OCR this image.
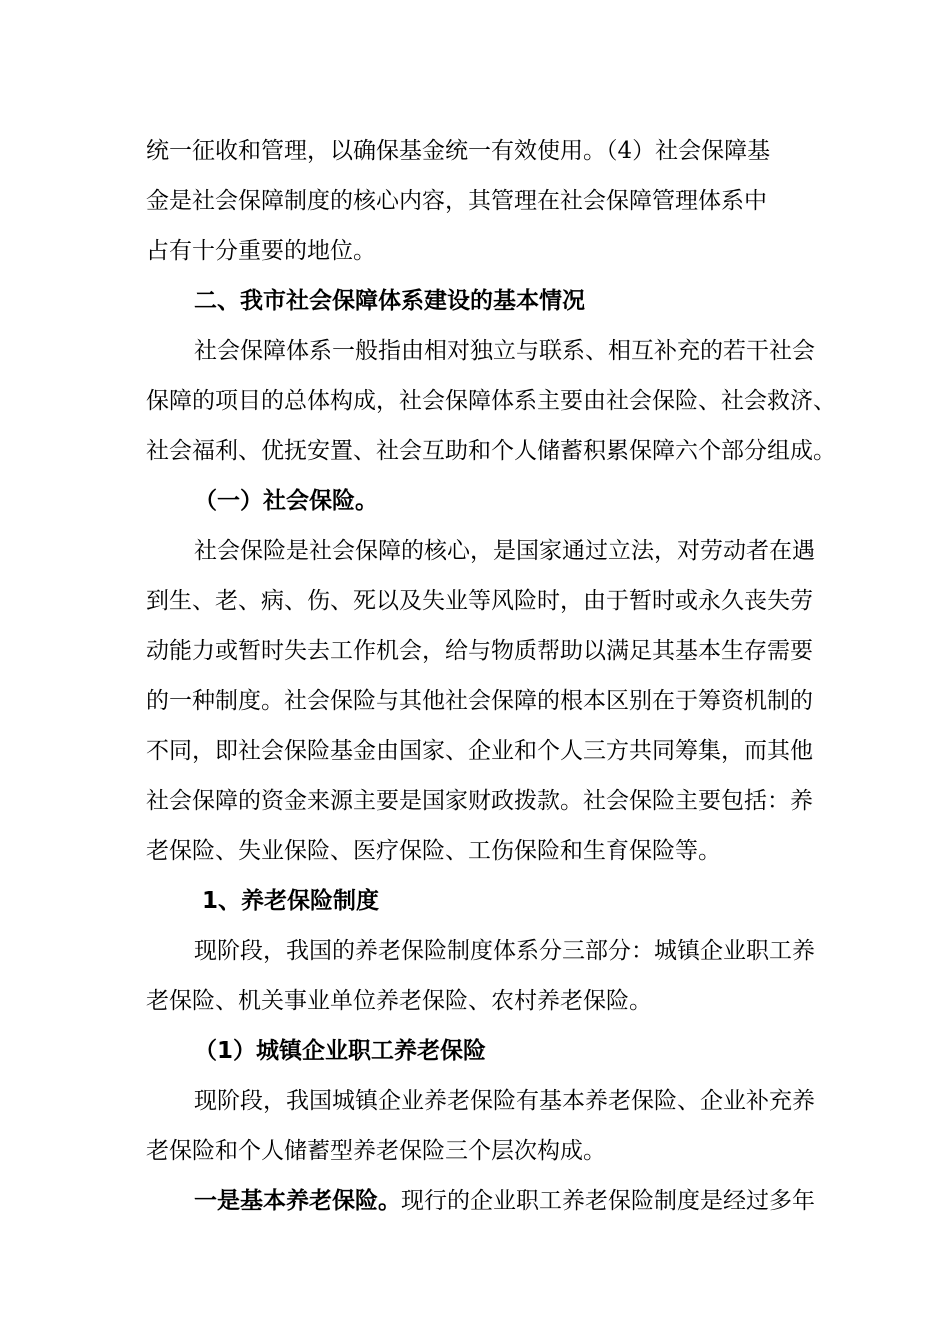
统一征收和管理，以确保基金统一有效使用。（4）社会保障基
金是社会保障制度的核心内容，其管理在社会保障管理体系中
占有十分重要的地位。
二、我市社会保障体系建设的基本情况
社会保障体系一般指由相对独立与联系、相互补充的若干社会
保障的项目的总体构成，社会保障体系主要由社会保险、社会救济、
社会福利、优抚安置、社会互助和个人储蓄积累保障六个部分组成。
（一）社会保险。
社会保险是社会保障的核心，是国家通过立法，对劳动者在遇
到生、老、病、伤、死以及失业等风险时，由于暂时或永久丧失劳
动能力或暂时失去工作机会，给与物质帮助以满足其基本生存需要
的一种制度。社会保险与其他社会保障的根本区别在于筹资机制的
不同，即社会保险基金由国家、企业和个人三方共同筹集，而其他
社会保障的资金来源主要是国家财政拨款。社会保险主要包括：养
老保险、失业保险、医疗保险、工伤保险和生育保险等。
1、养老保险制度
现阶段，我国的养老保险制度体系分三部分：城镇企业职工养
老保险、机关事业单位养老保险、农村养老保险。
（1）城镇企业职工养老保险
现阶段，我国城镇企业养老保险有基本养老保险、企业补充养
老保险和个人储蓄型养老保险三个层次构成。
一是基本养老保险。现行的企业职工养老保险制度是经过多年
